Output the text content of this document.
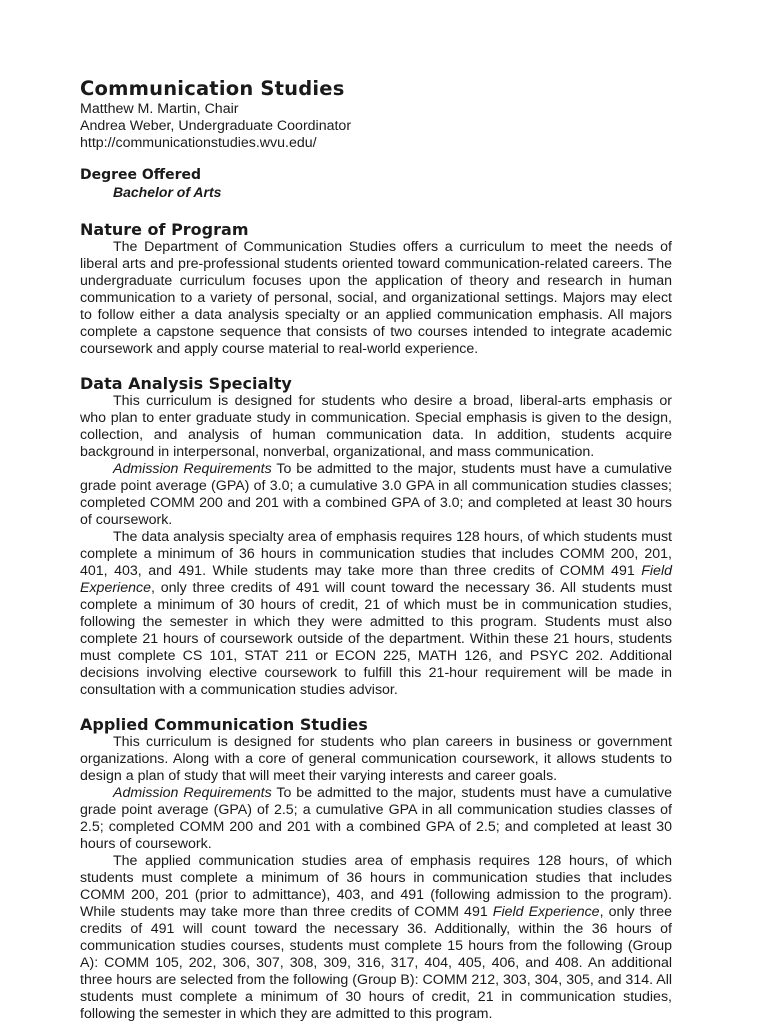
Communication Studies

Matthew M. Martin, Chair

Andrea Weber, Undergraduate Coordinator

http://communicationstudies.wvu.edu/

Degree Offered

Bachelor of Arts

Nature of Program

The Department of Communication Studies offers a curriculum to meet the needs of liberal arts and pre-professional students oriented toward communication-related careers. The undergraduate curriculum focuses upon the application of theory and research in human communication to a variety of personal, social, and organizational settings. Majors may elect to follow either a data analysis specialty or an applied communication emphasis. All majors complete a capstone sequence that consists of two courses intended to integrate academic coursework and apply course material to real-world experience.

Data Analysis Specialty

This curriculum is designed for students who desire a broad, liberal-arts emphasis or who plan to enter graduate study in communication. Special emphasis is given to the design, collection, and analysis of human communication data. In addition, students acquire background in interpersonal, nonverbal, organizational, and mass communication.

Admission Requirements To be admitted to the major, students must have a cumulative grade point average (GPA) of 3.0; a cumulative 3.0 GPA in all communication studies classes; completed COMM 200 and 201 with a combined GPA of 3.0; and completed at least 30 hours of coursework.

The data analysis specialty area of emphasis requires 128 hours, of which students must complete a minimum of 36 hours in communication studies that includes COMM 200, 201, 401, 403, and 491. While students may take more than three credits of COMM 491 Field Experience, only three credits of 491 will count toward the necessary 36. All students must complete a minimum of 30 hours of credit, 21 of which must be in communication studies, following the semester in which they were admitted to this program. Students must also complete 21 hours of coursework outside of the department. Within these 21 hours, students must complete CS 101, STAT 211 or ECON 225, MATH 126, and PSYC 202. Additional decisions involving elective coursework to fulfill this 21-hour requirement will be made in consultation with a communication studies advisor.

Applied Communication Studies

This curriculum is designed for students who plan careers in business or government organizations. Along with a core of general communication coursework, it allows students to design a plan of study that will meet their varying interests and career goals.

Admission Requirements To be admitted to the major, students must have a cumulative grade point average (GPA) of 2.5; a cumulative GPA in all communication studies classes of 2.5; completed COMM 200 and 201 with a combined GPA of 2.5; and completed at least 30 hours of coursework.

The applied communication studies area of emphasis requires 128 hours, of which students must complete a minimum of 36 hours in communication studies that includes COMM 200, 201 (prior to admittance), 403, and 491 (following admission to the program). While students may take more than three credits of COMM 491 Field Experience, only three credits of 491 will count toward the necessary 36. Additionally, within the 36 hours of communication studies courses, students must complete 15 hours from the following (Group A): COMM 105, 202, 306, 307, 308, 309, 316, 317, 404, 405, 406, and 408. An additional three hours are selected from the following (Group B): COMM 212, 303, 304, 305, and 314. All students must complete a minimum of 30 hours of credit, 21 in communication studies, following the semester in which they are admitted to this program.
